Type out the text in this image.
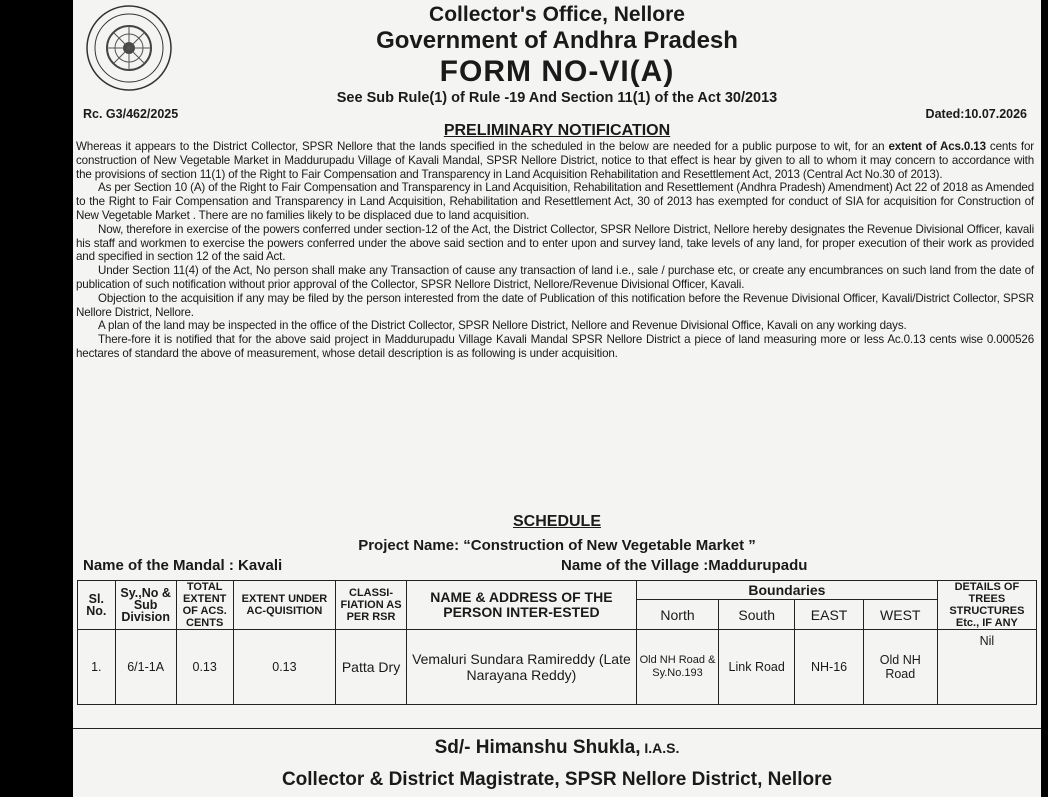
Collector's Office, Nellore
Government of Andhra Pradesh
FORM NO-VI(A)
See Sub Rule(1) of Rule -19 And Section 11(1) of the Act 30/2013
Rc. G3/462/2025	Dated:10.07.2026
PRELIMINARY NOTIFICATION

Whereas it appears to the District Collector, SPSR Nellore that the lands specified in the scheduled in the below are needed for a public purpose to wit, for an extent of Acs.0.13 cents for construction of New Vegetable Market in Maddurupadu Village of Kavali Mandal, SPSR Nellore District, notice to that effect is hear by given to all to whom it may concern to accordance with the provisions of section 11(1) of the Right to Fair Compensation and Transparency in Land Acquisition Rehabilitation and Resettlement Act, 2013 (Central Act No.30 of 2013).

As per Section 10 (A) of the Right to Fair Compensation and Transparency in Land Acquisition, Rehabilitation and Resettlement (Andhra Pradesh) Amendment) Act 22 of 2018 as Amended to the Right to Fair Compensation and Transparency in Land Acquisition, Rehabilitation and Resettlement Act, 30 of 2013 has exempted for conduct of SIA for acquisition for Construction of New Vegetable Market . There are no families likely to be displaced due to land acquisition.

Now, therefore in exercise of the powers conferred under section-12 of the Act, the District Collector, SPSR Nellore District, Nellore hereby designates the Revenue Divisional Officer, kavali his staff and workmen to exercise the powers conferred under the above said section and to enter upon and survey land, take levels of any land, for proper execution of their work as provided and specified in section 12 of the said Act.

Under Section 11(4) of the Act, No person shall make any Transaction of cause any transaction of land i.e., sale / purchase etc, or create any encumbrances on such land from the date of publication of such notification without prior approval of the Collector, SPSR Nellore District, Nellore/Revenue Divisional Officer, Kavali.

Objection to the acquisition if any may be filed by the person interested from the date of Publication of this notification before the Revenue Divisional Officer, Kavali/District Collector, SPSR Nellore District, Nellore.

A plan of the land may be inspected in the office of the District Collector, SPSR Nellore District, Nellore and Revenue Divisional Office, Kavali on any working days.

There-fore it is notified that for the above said project in Maddurupadu Village Kavali Mandal SPSR Nellore District a piece of land measuring more or less Ac.0.13 cents wise 0.000526 hectares of standard the above of measurement, whose detail description is as following is under acquisition.

SCHEDULE
Project Name: “Construction of New Vegetable Market ”
Name of the Mandal : Kavali	Name of the Village :Maddurupadu
Sl. No.	Sy.,No & Sub Division	TOTAL EXTENT OF ACS. CENTS	EXTENT UNDER AC-QUISITION	CLASSI-FIATION AS PER RSR	NAME & ADDRESS OF THE PERSON INTER-ESTED	Boundaries				DETAILS OF TREES STRUCTURES Etc., IF ANY
						North	South	EAST	WEST	
1.	6/1-1A	0.13	0.13	Patta Dry	Vemaluri Sundara Ramireddy (Late Narayana Reddy)	Old NH Road & Sy.No.193	Link Road	NH-16	Old NH Road	Nil
Sd/- Himanshu Shukla, I.A.S.
Collector & District Magistrate, SPSR Nellore District, Nellore
